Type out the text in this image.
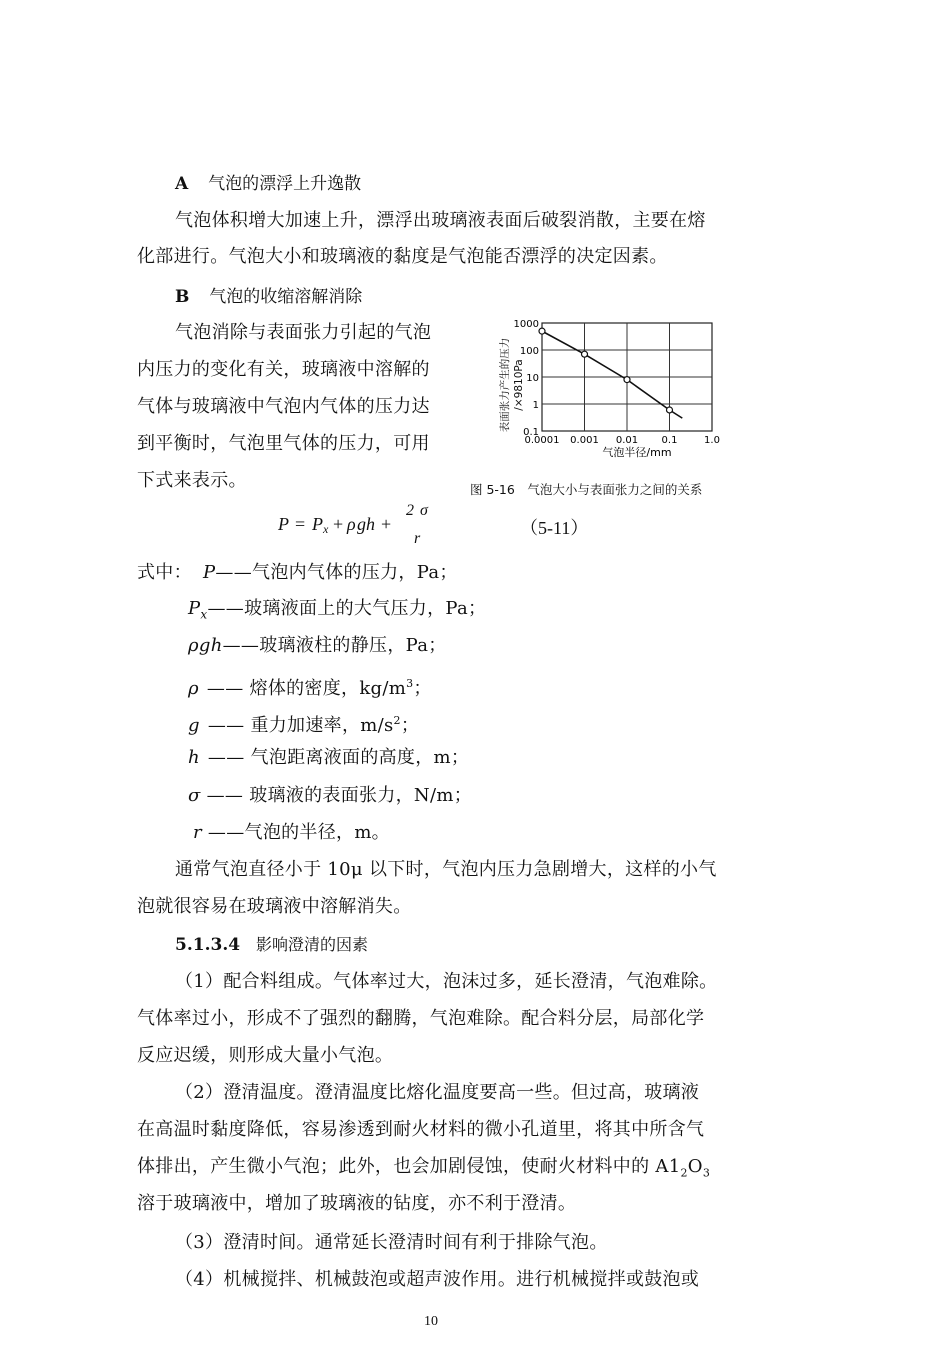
A 气泡的漂浮上升逸散
气泡体积增大加速上升，漂浮出玻璃液表面后破裂消散，主要在熔
化部进行。气泡大小和玻璃液的黏度是气泡能否漂浮的决定因素。
B 气泡的收缩溶解消除
气泡消除与表面张力引起的气泡
内压力的变化有关，玻璃液中溶解的
气体与玻璃液中气泡内气体的压力达
到平衡时，气泡里气体的压力，可用
下式来表示。
1000
100
10
1
0.1
0.0001 0.001 0.01 0.1	1.0
气泡半径/mm
表面张力产生的压力 /×9810Pa
图 5-16　气泡大小与表面张力之间的关系
P = P x + ρ gh +
2σ
r
（5-11）
式中： P——气泡内气体的压力，Pa；
$P_x——$玻璃液面上的大气压力，Pa；
ρgh——玻璃液柱的静压，Pa；
ρ —— 熔体的密度，$kg/m^3$；
g —— 重力加速率，$m/s^2$；
h —— 气泡距离液面的高度，m；
σ —— 玻璃液的表面张力，N/m；
r ——气泡的半径，m。
通常气泡直径小于 10μ 以下时，气泡内压力急剧增大，这样的小气
泡就很容易在玻璃液中溶解消失。
5.1.3.4 影响澄清的因素
（1）配合料组成。气体率过大，泡沫过多，延长澄清，气泡难除。
气体率过小，形成不了强烈的翻腾，气泡难除。配合料分层，局部化学
反应迟缓，则形成大量小气泡。
（2）澄清温度。澄清温度比熔化温度要高一些。但过高，玻璃液
在高温时黏度降低，容易渗透到耐火材料的微小孔道里，将其中所含气
体排出，产生微小气泡；此外，也会加剧侵蚀，使耐火材料中的 $A1_2O_3$
溶于玻璃液中，增加了玻璃液的钻度，亦不利于澄清。
（3）澄清时间。通常延长澄清时间有利于排除气泡。
（4）机械搅拌、机械鼓泡或超声波作用。进行机械搅拌或鼓泡或
10
